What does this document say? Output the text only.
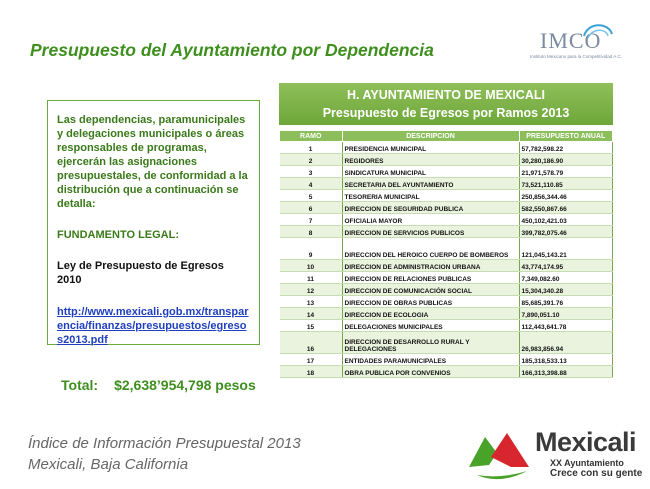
Presupuesto del Ayuntamiento por Dependencia	IMCO
Instituto Mexicano para la Competitividad A.C.
Las dependencias, paramunicipales y delegaciones municipales o áreas responsables de programas, ejercerán las asignaciones presupuestales, de conformidad a la distribución que a continuación se detalla:
FUNDAMENTO LEGAL:
Ley de Presupuesto de Egresos 2010
http://www.mexicali.gob.mx/transparencia/finanzas/presupuestos/egresos2013.pdf
Total: $2,638’954,798 pesos
H. AYUNTAMIENTO DE MEXICALI
Presupuesto de Egresos por Ramos 2013
RAMO	DESCRIPCION	PRESUPUESTO ANUAL
1	PRESIDENCIA MUNICIPAL	57,782,598.22
2	REGIDORES	30,280,186.90
3	SINDICATURA MUNICIPAL	21,971,578.79
4	SECRETARIA DEL AYUNTAMIENTO	73,521,110.85
5	TESORERIA MUNICIPAL	250,856,344.46
6	DIRECCION DE SEGURIDAD PUBLICA	582,550,867.66
7	OFICIALIA MAYOR	450,102,421.03
8	DIRECCION DE SERVICIOS PUBLICOS	399,782,075.46
9	DIRECCION DEL HEROICO CUERPO DE BOMBEROS	121,045,143.21
10	DIRECCION DE ADMINISTRACION URBANA	43,774,174.95
11	DIRECCION DE RELACIONES PUBLICAS	7,349,082.60
12	DIRECCION DE COMUNICACIÓN SOCIAL	15,304,340.28
13	DIRECCION DE OBRAS PUBLICAS	85,685,391.76
14	DIRECCION DE ECOLOGIA	7,890,051.10
15	DELEGACIONES MUNICIPALES	112,443,641.78
16	DIRECCION DE DESARROLLO RURAL Y DELEGACIONES	26,983,856.94
17	ENTIDADES PARAMUNICIPALES	185,318,533.13
18	OBRA PUBLICA POR CONVENIOS	166,313,398.88
Índice de Información Presupuestal 2013
Mexicali, Baja California
Mexicali
XX Ayuntamiento
Crece con su gente
